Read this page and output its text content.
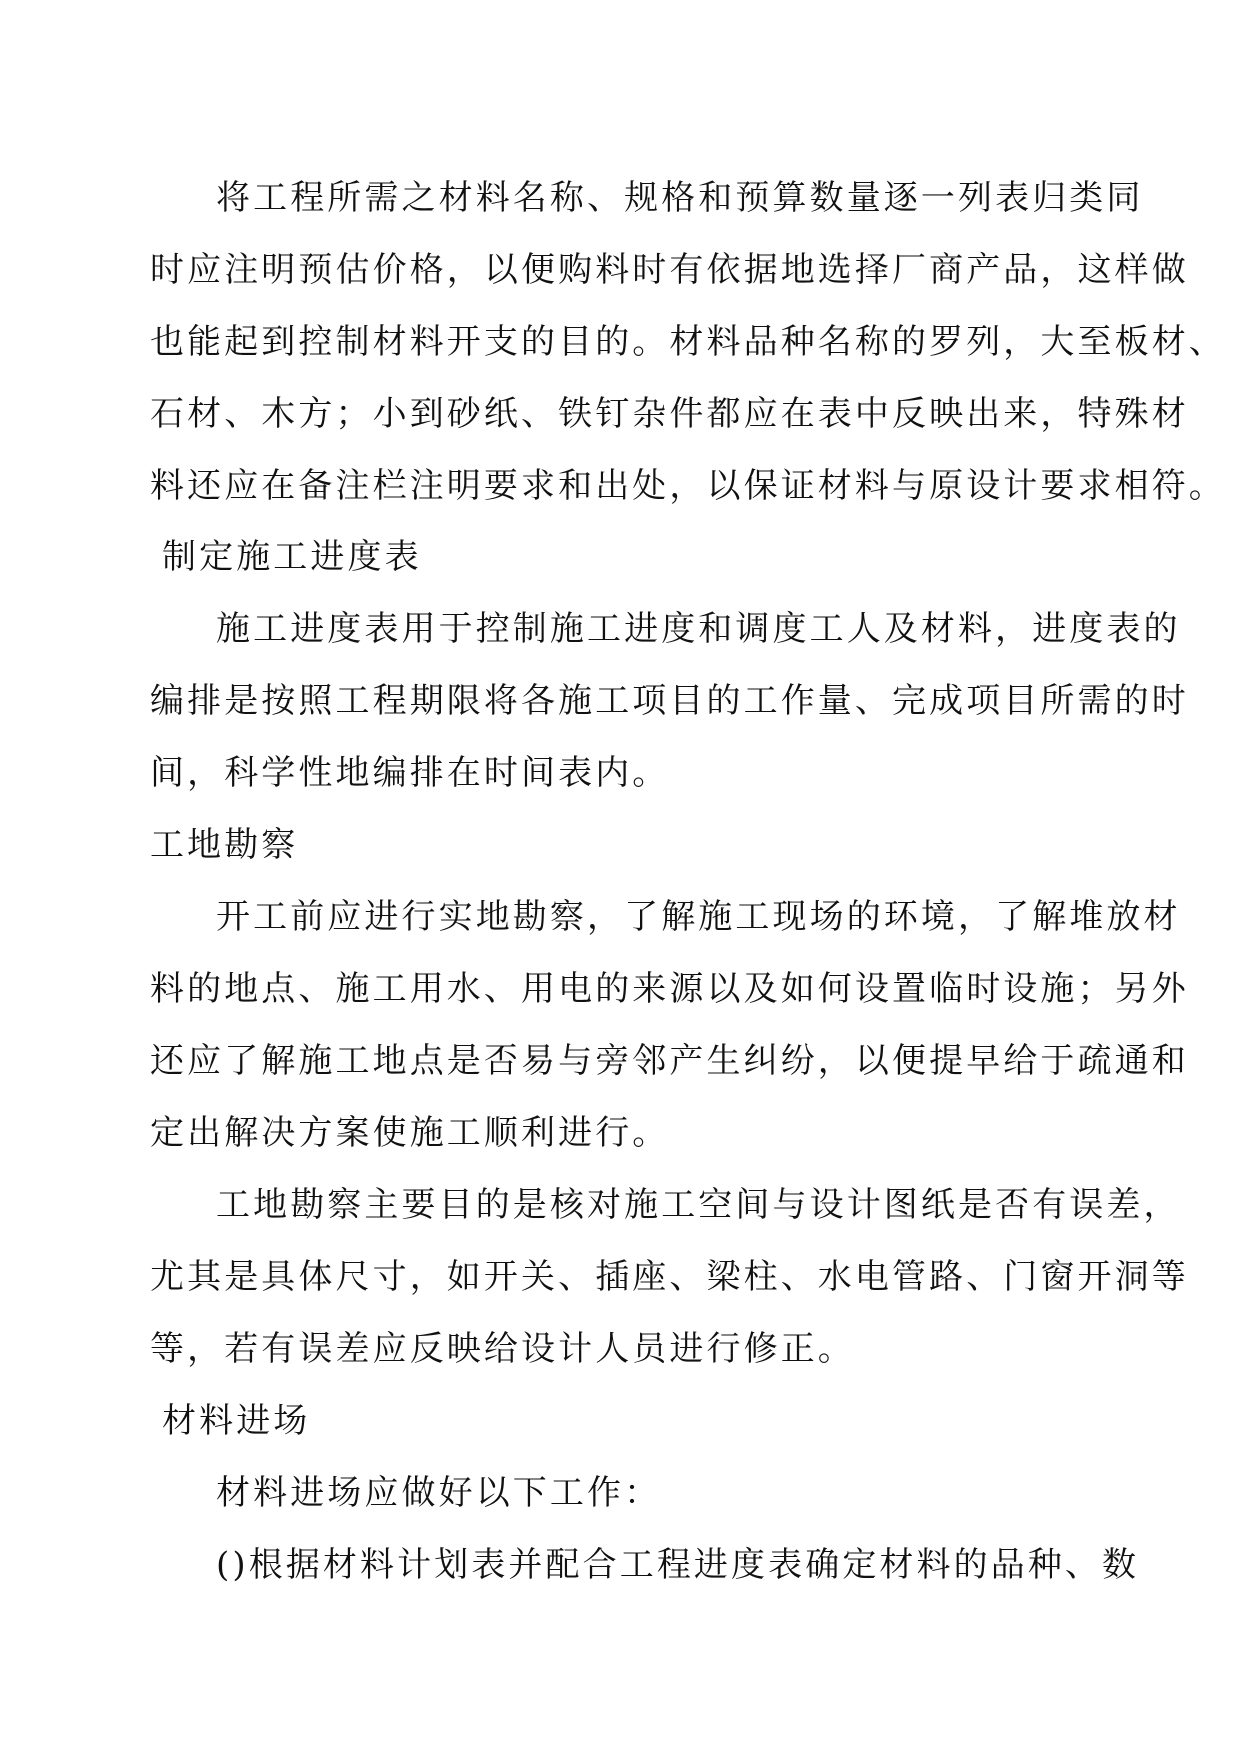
将工程所需之材料名称、规格和预算数量逐一列表归类同
时应注明预估价格，以便购料时有依据地选择厂商产品，这样做
也能起到控制材料开支的目的。材料品种名称的罗列，大至板材、
石材、木方；小到砂纸、铁钉杂件都应在表中反映出来，特殊材
料还应在备注栏注明要求和出处，以保证材料与原设计要求相符。
制定施工进度表
施工进度表用于控制施工进度和调度工人及材料，进度表的
编排是按照工程期限将各施工项目的工作量、完成项目所需的时
间，科学性地编排在时间表内。
工地勘察
开工前应进行实地勘察，了解施工现场的环境，了解堆放材
料的地点、施工用水、用电的来源以及如何设置临时设施；另外
还应了解施工地点是否易与旁邻产生纠纷，以便提早给于疏通和
定出解决方案使施工顺利进行。
工地勘察主要目的是核对施工空间与设计图纸是否有误差，
尤其是具体尺寸，如开关、插座、梁柱、水电管路、门窗开洞等
等，若有误差应反映给设计人员进行修正。
材料进场
材料进场应做好以下工作：
()根据材料计划表并配合工程进度表确定材料的品种、数
